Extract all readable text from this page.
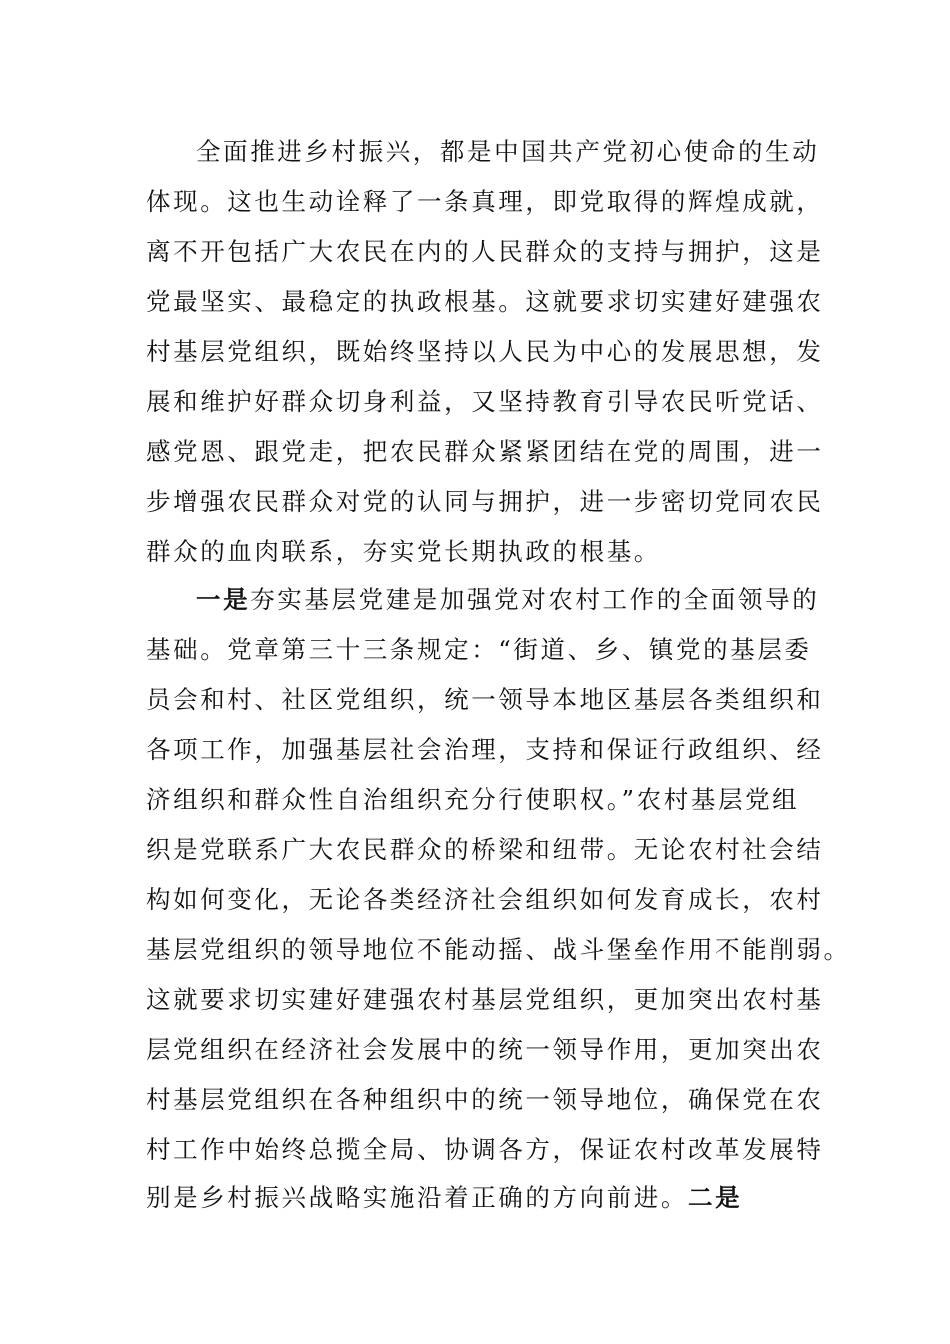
全面推进乡村振兴，都是中国共产党初心使命的生动
体现。这也生动诠释了一条真理，即党取得的辉煌成就，
离不开包括广大农民在内的人民群众的支持与拥护，这是
党最坚实、最稳定的执政根基。这就要求切实建好建强农
村基层党组织，既始终坚持以人民为中心的发展思想，发
展和维护好群众切身利益，又坚持教育引导农民听党话、
感党恩、跟党走，把农民群众紧紧团结在党的周围，进一
步增强农民群众对党的认同与拥护，进一步密切党同农民
群众的血肉联系，夯实党长期执政的根基。
一是夯实基层党建是加强党对农村工作的全面领导的
基础。党章第三十三条规定：“街道、乡、镇党的基层委
员会和村、社区党组织，统一领导本地区基层各类组织和
各项工作，加强基层社会治理，支持和保证行政组织、经
济组织和群众性自治组织充分行使职权。”农村基层党组
织是党联系广大农民群众的桥梁和纽带。无论农村社会结
构如何变化，无论各类经济社会组织如何发育成长，农村
基层党组织的领导地位不能动摇、战斗堡垒作用不能削弱。
这就要求切实建好建强农村基层党组织，更加突出农村基
层党组织在经济社会发展中的统一领导作用，更加突出农
村基层党组织在各种组织中的统一领导地位，确保党在农
村工作中始终总揽全局、协调各方，保证农村改革发展特
别是乡村振兴战略实施沿着正确的方向前进。二是
